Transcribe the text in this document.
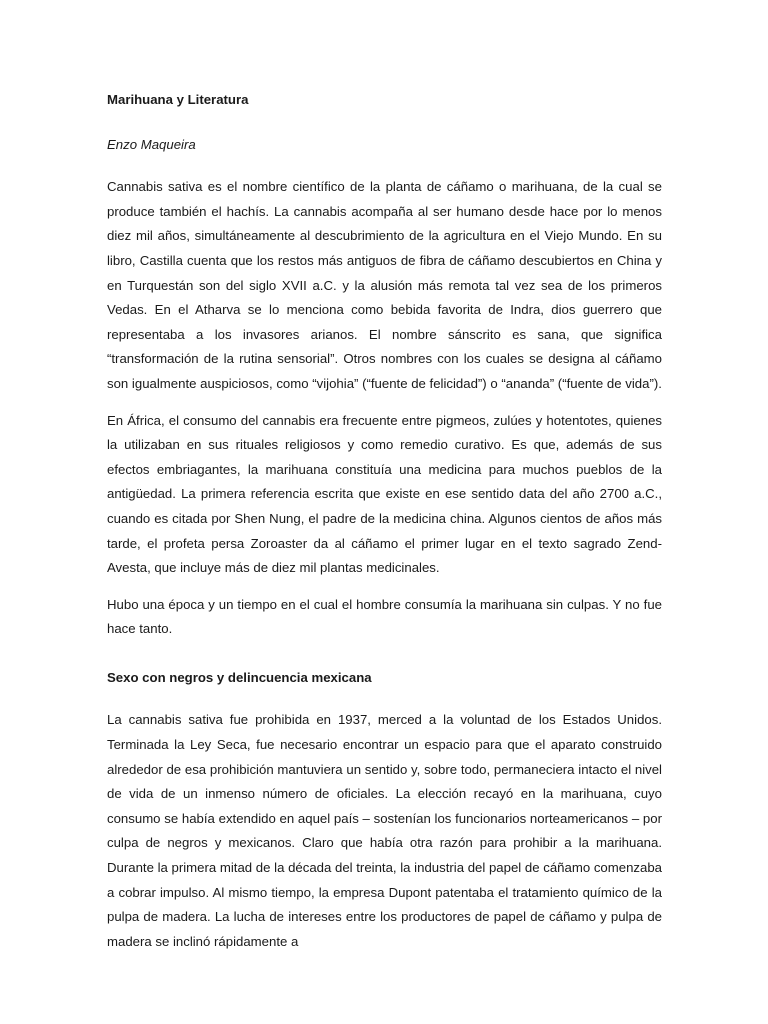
Marihuana y Literatura
Enzo Maqueira

Cannabis sativa es el nombre científico de la planta de cáñamo o marihuana, de la cual se produce también el hachís. La cannabis acompaña al ser humano desde hace por lo menos diez mil años, simultáneamente al descubrimiento de la agricultura en el Viejo Mundo. En su libro, Castilla cuenta que los restos más antiguos de fibra de cáñamo descubiertos en China y en Turquestán son del siglo XVII a.C. y la alusión más remota tal vez sea de los primeros Vedas. En el Atharva se lo menciona como bebida favorita de Indra, dios guerrero que representaba a los invasores arianos. El nombre sánscrito es sana, que significa “transformación de la rutina sensorial”. Otros nombres con los cuales se designa al cáñamo son igualmente auspiciosos, como “vijohia” (“fuente de felicidad”) o “ananda” (“fuente de vida”).

En África, el consumo del cannabis era frecuente entre pigmeos, zulúes y hotentotes, quienes la utilizaban en sus rituales religiosos y como remedio curativo. Es que, además de sus efectos embriagantes, la marihuana constituía una medicina para muchos pueblos de la antigüedad. La primera referencia escrita que existe en ese sentido data del año 2700 a.C., cuando es citada por Shen Nung, el padre de la medicina china. Algunos cientos de años más tarde, el profeta persa Zoroaster da al cáñamo el primer lugar en el texto sagrado Zend-Avesta, que incluye más de diez mil plantas medicinales.

Hubo una época y un tiempo en el cual el hombre consumía la marihuana sin culpas. Y no fue hace tanto.

Sexo con negros y delincuencia mexicana

La cannabis sativa fue prohibida en 1937, merced a la voluntad de los Estados Unidos. Terminada la Ley Seca, fue necesario encontrar un espacio para que el aparato construido alrededor de esa prohibición mantuviera un sentido y, sobre todo, permaneciera intacto el nivel de vida de un inmenso número de oficiales. La elección recayó en la marihuana, cuyo consumo se había extendido en aquel país – sostenían los funcionarios norteamericanos – por culpa de negros y mexicanos. Claro que había otra razón para prohibir a la marihuana. Durante la primera mitad de la década del treinta, la industria del papel de cáñamo comenzaba a cobrar impulso. Al mismo tiempo, la empresa Dupont patentaba el tratamiento químico de la pulpa de madera. La lucha de intereses entre los productores de papel de cáñamo y pulpa de madera se inclinó rápidamente a
